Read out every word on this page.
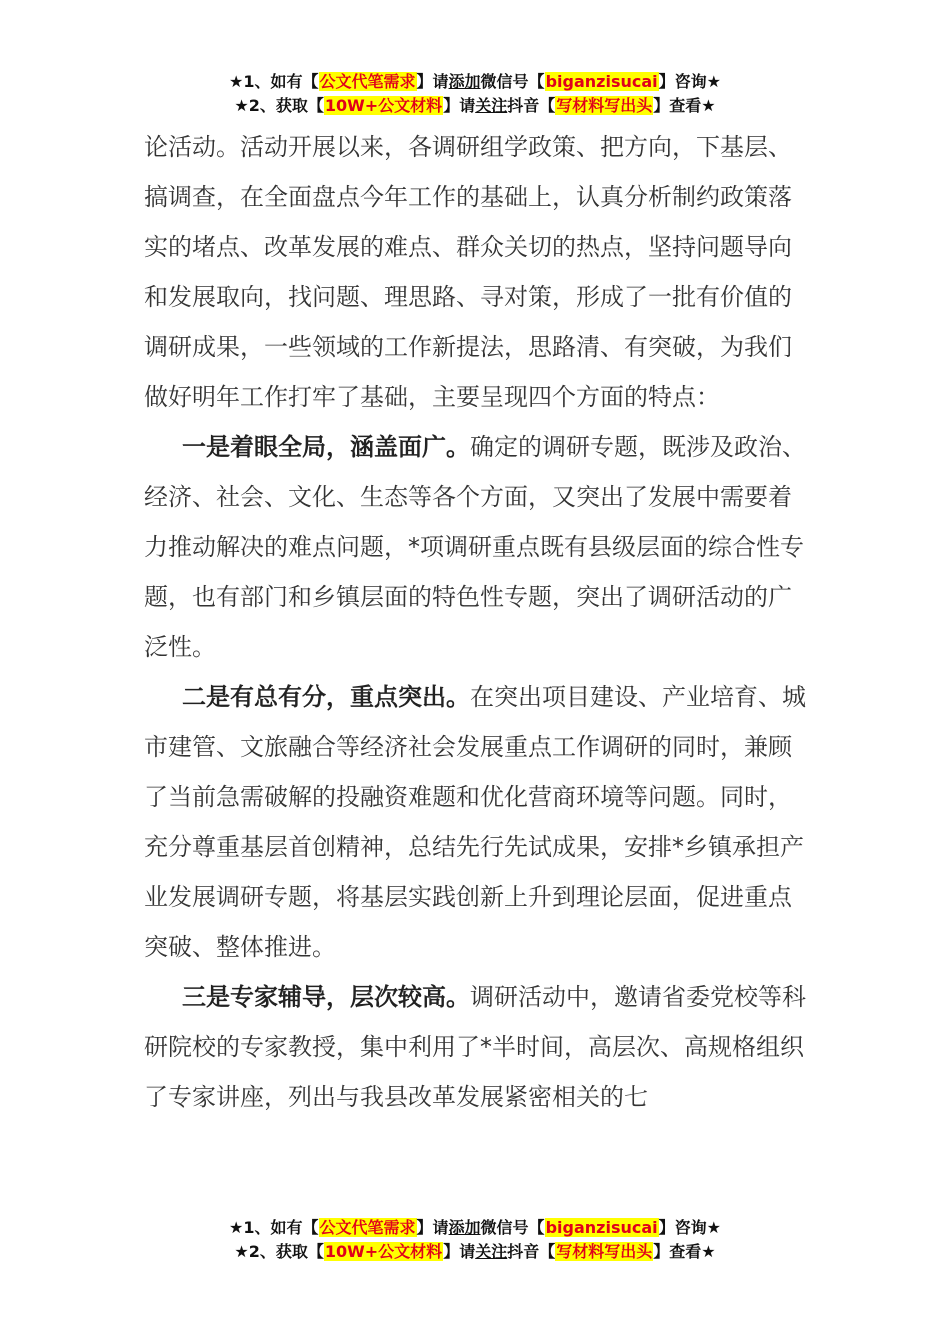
★1、如有【公文代笔需求】请添加微信号【biganzisucai】咨询★
★2、获取【10W+公文材料】请关注抖音【写材料写出头】查看★

论活动。活动开展以来，各调研组学政策、把方向，下基层、搞调查，在全面盘点今年工作的基础上，认真分析制约政策落实的堵点、改革发展的难点、群众关切的热点，坚持问题导向和发展取向，找问题、理思路、寻对策，形成了一批有价值的调研成果，一些领域的工作新提法，思路清、有突破，为我们做好明年工作打牢了基础，主要呈现四个方面的特点：

一是着眼全局，涵盖面广。确定的调研专题，既涉及政治、经济、社会、文化、生态等各个方面，又突出了发展中需要着力推动解决的难点问题，*项调研重点既有县级层面的综合性专题，也有部门和乡镇层面的特色性专题，突出了调研活动的广泛性。

二是有总有分，重点突出。在突出项目建设、产业培育、城市建管、文旅融合等经济社会发展重点工作调研的同时，兼顾了当前急需破解的投融资难题和优化营商环境等问题。同时，充分尊重基层首创精神，总结先行先试成果，安排*乡镇承担产业发展调研专题，将基层实践创新上升到理论层面，促进重点突破、整体推进。

三是专家辅导，层次较高。调研活动中，邀请省委党校等科研院校的专家教授，集中利用了*半时间，高层次、高规格组织了专家讲座，列出与我县改革发展紧密相关的七

★1、如有【公文代笔需求】请添加微信号【biganzisucai】咨询★
★2、获取【10W+公文材料】请关注抖音【写材料写出头】查看★
